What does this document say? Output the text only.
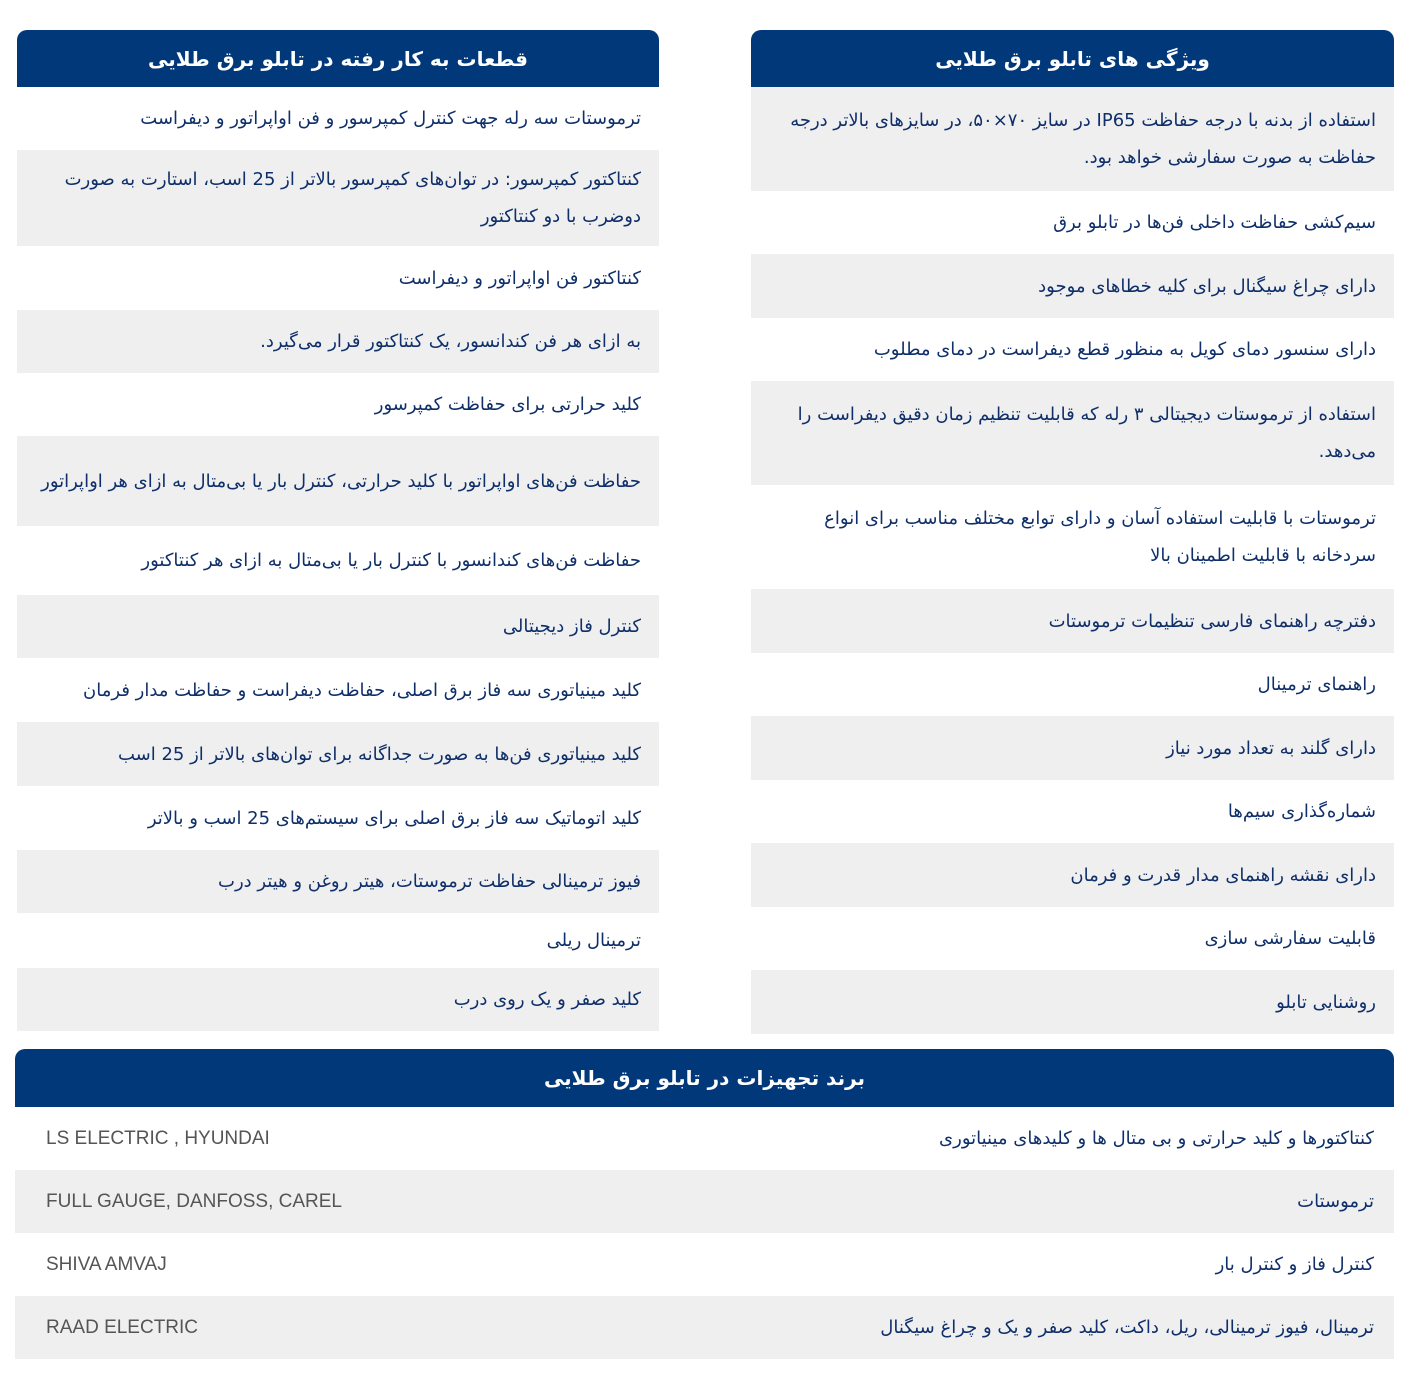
ویژگی های تابلو برق طلایی
استفاده از بدنه با درجه حفاظت IP65 در سایز ۷۰×۵۰، در سایزهای بالاتر درجه حفاظت به صورت سفارشی خواهد بود.
سیم‌کشی حفاظت داخلی فن‌ها در تابلو برق
دارای چراغ سیگنال برای کلیه خطاهای موجود
دارای سنسور دمای کویل به منظور قطع دیفراست در دمای مطلوب
استفاده از ترموستات دیجیتالی ۳ رله که قابلیت تنظیم زمان دقیق دیفراست را می‌دهد.
ترموستات با قابلیت استفاده آسان و دارای توابع مختلف مناسب برای انواع سردخانه با قابلیت اطمینان بالا
دفترچه راهنمای فارسی تنظیمات ترموستات
راهنمای ترمینال
دارای گلند به تعداد مورد نیاز
شماره‌گذاری سیم‌ها
دارای نقشه راهنمای مدار قدرت و فرمان
قابلیت سفارشی سازی
روشنایی تابلو
قطعات به کار رفته در تابلو برق طلایی
ترموستات سه رله جهت کنترل کمپرسور و فن اواپراتور و دیفراست
کنتاکتور کمپرسور: در توان‌های کمپرسور بالاتر از 25 اسب، استارت به صورت دوضرب با دو کنتاکتور
کنتاکتور فن اواپراتور و دیفراست
به ازای هر فن کندانسور، یک کنتاکتور قرار می‌گیرد.
کلید حرارتی برای حفاظت کمپرسور
حفاظت فن‌های اواپراتور با کلید حرارتی، کنترل بار یا بی‌متال به ازای هر اواپراتور
حفاظت فن‌های کندانسور با کنترل بار یا بی‌متال به ازای هر کنتاکتور
کنترل فاز دیجیتالی
کلید مینیاتوری سه فاز برق اصلی، حفاظت دیفراست و حفاظت مدار فرمان
کلید مینیاتوری فن‌ها به صورت جداگانه برای توان‌های بالاتر از 25 اسب
کلید اتوماتیک سه فاز برق اصلی برای سیستم‌های 25 اسب و بالاتر
فیوز ترمینالی حفاظت ترموستات، هیتر روغن و هیتر درب
ترمینال ریلی
کلید صفر و یک روی درب
برند تجهیزات در تابلو برق طلایی
کنتاکتورها و کلید حرارتی و بی متال ها و کلیدهای مینیاتوری
LS ELECTRIC , HYUNDAI
ترموستات
FULL GAUGE, DANFOSS, CAREL
کنترل فاز و کنترل بار
SHIVA AMVAJ
ترمینال، فیوز ترمینالی، ریل، داکت، کلید صفر و یک و چراغ سیگنال
RAAD ELECTRIC
